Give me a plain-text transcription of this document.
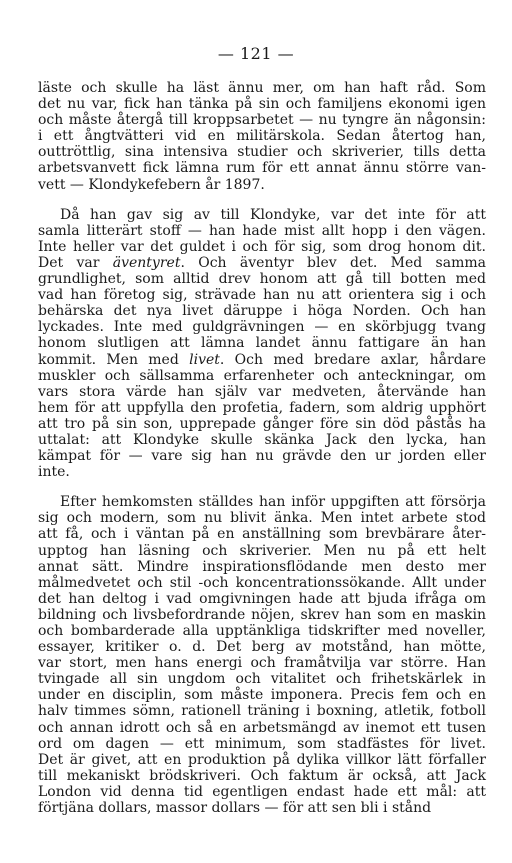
— 121 —
läste och skulle ha läst ännu mer, om han haft råd. Som
det nu var, fick han tänka på sin och familjens ekonomi igen
och måste återgå till kroppsarbetet — nu tyngre än någonsin:
i ett ångtvätteri vid en militärskola. Sedan återtog han,
outtröttlig, sina intensiva studier och skriverier, tills detta
arbetsvanvett fick lämna rum för ett annat ännu större van-
vett — Klondykefebern år 1897.
Då han gav sig av till Klondyke, var det inte för att
samla litterärt stoff — han hade mist allt hopp i den vägen.
Inte heller var det guldet i och för sig, som drog honom dit.
Det var äventyret. Och äventyr blev det. Med samma
grundlighet, som alltid drev honom att gå till botten med
vad han företog sig, strävade han nu att orientera sig i och
behärska det nya livet däruppe i höga Norden. Och han
lyckades. Inte med guldgrävningen — en skörbjugg tvang
honom slutligen att lämna landet ännu fattigare än han
kommit. Men med livet. Och med bredare axlar, hårdare
muskler och sällsamma erfarenheter och anteckningar, om
vars stora värde han själv var medveten, återvände han
hem för att uppfylla den profetia, fadern, som aldrig upphört
att tro på sin son, upprepade gånger före sin död påstås ha
uttalat: att Klondyke skulle skänka Jack den lycka, han
kämpat för — vare sig han nu grävde den ur jorden eller
inte.
Efter hemkomsten ställdes han inför uppgiften att försörja
sig och modern, som nu blivit änka. Men intet arbete stod
att få, och i väntan på en anställning som brevbärare åter-
upptog han läsning och skriverier. Men nu på ett helt
annat sätt. Mindre inspirationsflödande men desto mer
målmedvetet och stil -och koncentrationssökande. Allt under
det han deltog i vad omgivningen hade att bjuda ifråga om
bildning och livsbefordrande nöjen, skrev han som en maskin
och bombarderade alla upptänkliga tidskrifter med noveller,
essayer, kritiker o. d. Det berg av motstånd, han mötte,
var stort, men hans energi och framåtvilja var större. Han
tvingade all sin ungdom och vitalitet och frihetskärlek in
under en disciplin, som måste imponera. Precis fem och en
halv timmes sömn, rationell träning i boxning, atletik, fotboll
och annan idrott och så en arbetsmängd av inemot ett tusen
ord om dagen — ett minimum, som stadfästes för livet.
Det är givet, att en produktion på dylika villkor lätt förfaller
till mekaniskt brödskriveri. Och faktum är också, att Jack
London vid denna tid egentligen endast hade ett mål: att
förtjäna dollars, massor dollars — för att sen bli i stånd
